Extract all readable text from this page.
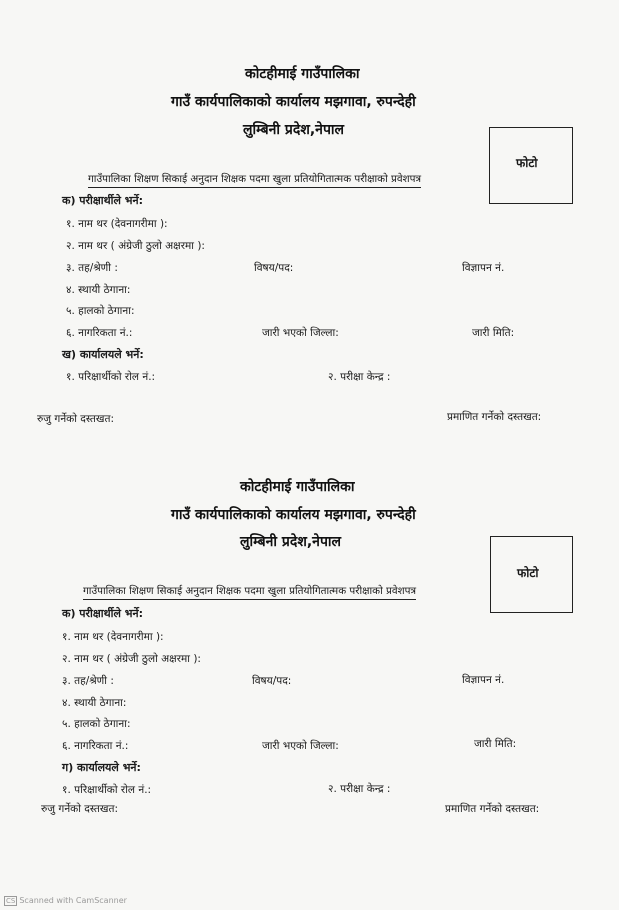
कोटहीमाई गाउँपालिका
गाउँ कार्यपालिकाको कार्यालय मझगावा, रुपन्देही
लुम्बिनी प्रदेश,नेपाल
फोटो
गाउँपालिका शिक्षण सिकाई अनुदान शिक्षक पदमा खुला प्रतियोगितात्मक परीक्षाको प्रवेशपत्र
क) परीक्षार्थीले भर्ने:
१. नाम थर (देवनागरीमा ):
२. नाम थर ( अंग्रेजी ठुलो अक्षरमा ):
३. तह/श्रेणी :	विषय/पद:	विज्ञापन नं.
४. स्थायी ठेगाना:
५. हालको ठेगाना:
६. नागरिकता नं.:	जारी भएको जिल्ला:	जारी मिति:
ख) कार्यालयले भर्ने:
१. परिक्षार्थीको रोल नं.:	२. परीक्षा केन्द्र :
रुजु गर्नेको दस्तखत:	प्रमाणित गर्नेको दस्तखत:
कोटहीमाई गाउँपालिका
गाउँ कार्यपालिकाको कार्यालय मझगावा, रुपन्देही
लुम्बिनी प्रदेश,नेपाल
फोटो
गाउँपालिका शिक्षण सिकाई अनुदान शिक्षक पदमा खुला प्रतियोगितात्मक परीक्षाको प्रवेशपत्र
क) परीक्षार्थीले भर्ने:
१. नाम थर (देवनागरीमा ):
२. नाम थर ( अंग्रेजी ठुलो अक्षरमा ):
३. तह/श्रेणी :	विषय/पद:	विज्ञापन नं.
४. स्थायी ठेगाना:
५. हालको ठेगाना:
६. नागरिकता नं.:	जारी भएको जिल्ला:	जारी मिति:
ग) कार्यालयले भर्ने:
१. परिक्षार्थीको रोल नं.:	२. परीक्षा केन्द्र :
रुजु गर्नेको दस्तखत:	प्रमाणित गर्नेको दस्तखत:
CS Scanned with CamScanner
